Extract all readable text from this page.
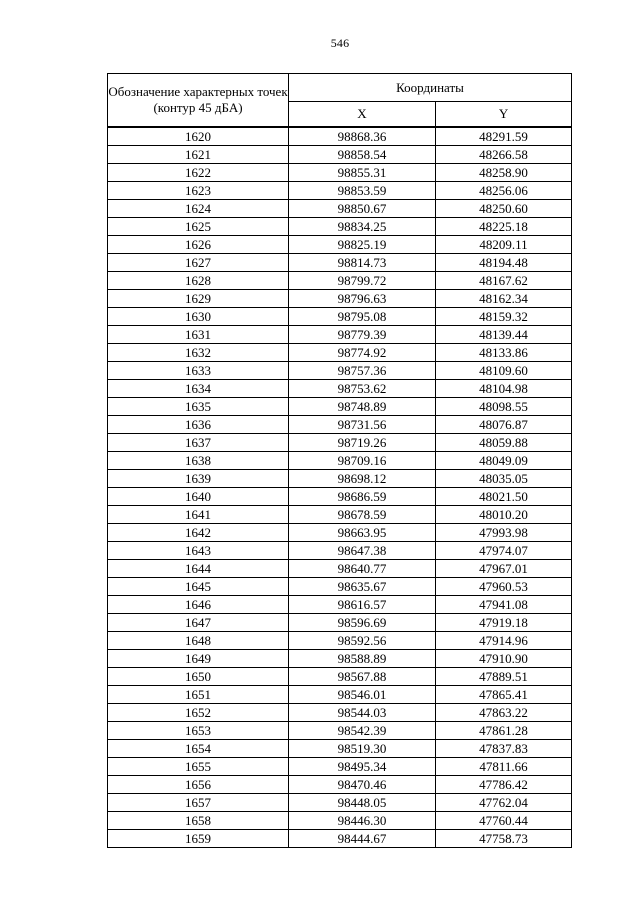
546
Обозначение характерных точек (контур 45 дБА)	Координаты	
	X	Y
1620	98868.36	48291.59
1621	98858.54	48266.58
1622	98855.31	48258.90
1623	98853.59	48256.06
1624	98850.67	48250.60
1625	98834.25	48225.18
1626	98825.19	48209.11
1627	98814.73	48194.48
1628	98799.72	48167.62
1629	98796.63	48162.34
1630	98795.08	48159.32
1631	98779.39	48139.44
1632	98774.92	48133.86
1633	98757.36	48109.60
1634	98753.62	48104.98
1635	98748.89	48098.55
1636	98731.56	48076.87
1637	98719.26	48059.88
1638	98709.16	48049.09
1639	98698.12	48035.05
1640	98686.59	48021.50
1641	98678.59	48010.20
1642	98663.95	47993.98
1643	98647.38	47974.07
1644	98640.77	47967.01
1645	98635.67	47960.53
1646	98616.57	47941.08
1647	98596.69	47919.18
1648	98592.56	47914.96
1649	98588.89	47910.90
1650	98567.88	47889.51
1651	98546.01	47865.41
1652	98544.03	47863.22
1653	98542.39	47861.28
1654	98519.30	47837.83
1655	98495.34	47811.66
1656	98470.46	47786.42
1657	98448.05	47762.04
1658	98446.30	47760.44
1659	98444.67	47758.73
